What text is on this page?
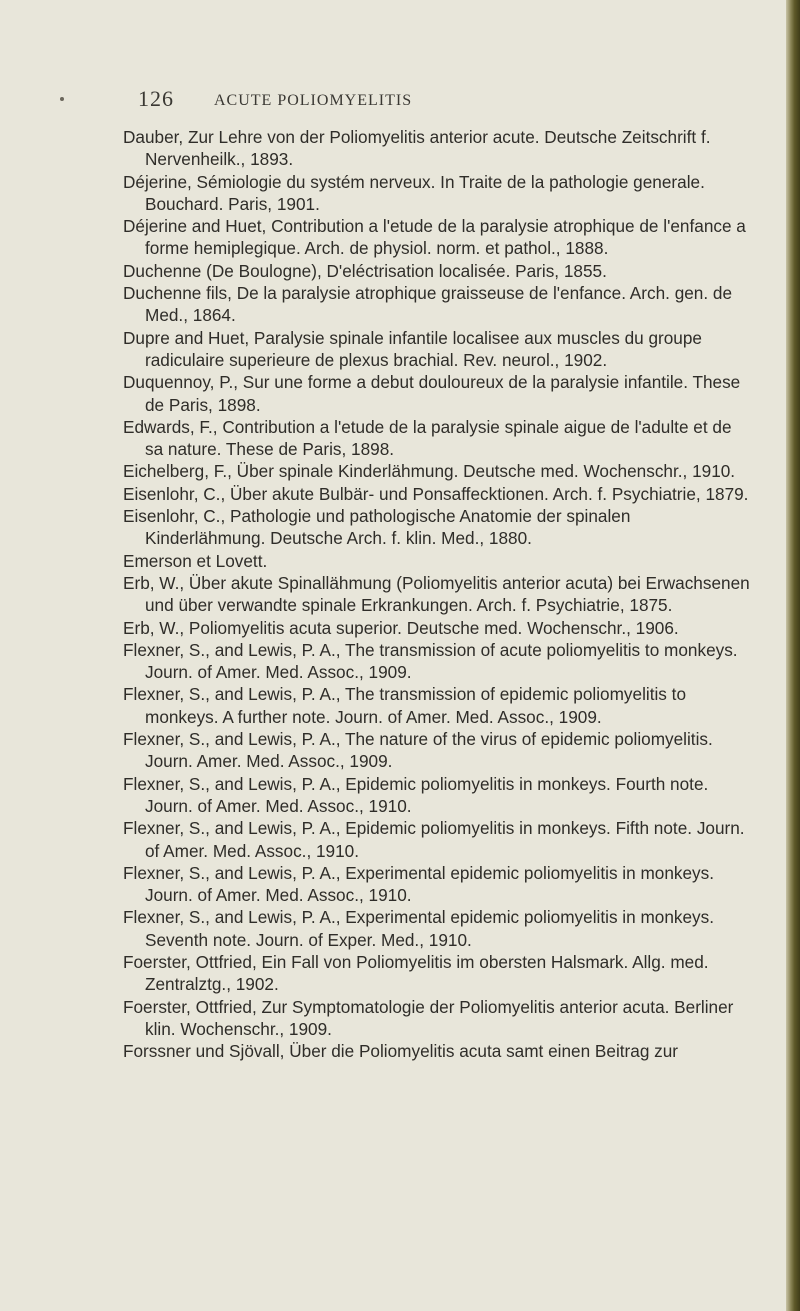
126	ACUTE POLIOMYELITIS
Dauber, Zur Lehre von der Poliomyelitis anterior acute. Deutsche Zeitschrift f. Nervenheilk., 1893.
Déjerine, Sémiologie du systém nerveux. In Traite de la pathologie generale. Bouchard. Paris, 1901.
Déjerine and Huet, Contribution a l'etude de la paralysie atrophique de l'enfance a forme hemiplegique. Arch. de physiol. norm. et pathol., 1888.
Duchenne (De Boulogne), D'eléctrisation localisée. Paris, 1855.
Duchenne fils, De la paralysie atrophique graisseuse de l'enfance. Arch. gen. de Med., 1864.
Dupre and Huet, Paralysie spinale infantile localisee aux muscles du groupe radiculaire superieure de plexus brachial. Rev. neurol., 1902.
Duquennoy, P., Sur une forme a debut douloureux de la paralysie infantile. These de Paris, 1898.
Edwards, F., Contribution a l'etude de la paralysie spinale aigue de l'adulte et de sa nature. These de Paris, 1898.
Eichelberg, F., Über spinale Kinderlähmung. Deutsche med. Wochenschr., 1910.
Eisenlohr, C., Über akute Bulbär- und Ponsaffecktionen. Arch. f. Psychiatrie, 1879.
Eisenlohr, C., Pathologie und pathologische Anatomie der spinalen Kinderlähmung. Deutsche Arch. f. klin. Med., 1880.
Emerson et Lovett.
Erb, W., Über akute Spinallähmung (Poliomyelitis anterior acuta) bei Erwachsenen und über verwandte spinale Erkrankungen. Arch. f. Psychiatrie, 1875.
Erb, W., Poliomyelitis acuta superior. Deutsche med. Wochenschr., 1906.
Flexner, S., and Lewis, P. A., The transmission of acute poliomyelitis to monkeys. Journ. of Amer. Med. Assoc., 1909.
Flexner, S., and Lewis, P. A., The transmission of epidemic poliomyelitis to monkeys. A further note. Journ. of Amer. Med. Assoc., 1909.
Flexner, S., and Lewis, P. A., The nature of the virus of epidemic poliomyelitis. Journ. Amer. Med. Assoc., 1909.
Flexner, S., and Lewis, P. A., Epidemic poliomyelitis in monkeys. Fourth note. Journ. of Amer. Med. Assoc., 1910.
Flexner, S., and Lewis, P. A., Epidemic poliomyelitis in monkeys. Fifth note. Journ. of Amer. Med. Assoc., 1910.
Flexner, S., and Lewis, P. A., Experimental epidemic poliomyelitis in monkeys. Journ. of Amer. Med. Assoc., 1910.
Flexner, S., and Lewis, P. A., Experimental epidemic poliomyelitis in monkeys. Seventh note. Journ. of Exper. Med., 1910.
Foerster, Ottfried, Ein Fall von Poliomyelitis im obersten Halsmark. Allg. med. Zentralztg., 1902.
Foerster, Ottfried, Zur Symptomatologie der Poliomyelitis anterior acuta. Berliner klin. Wochenschr., 1909.
Forssner und Sjövall, Über die Poliomyelitis acuta samt einen Beitrag zur
